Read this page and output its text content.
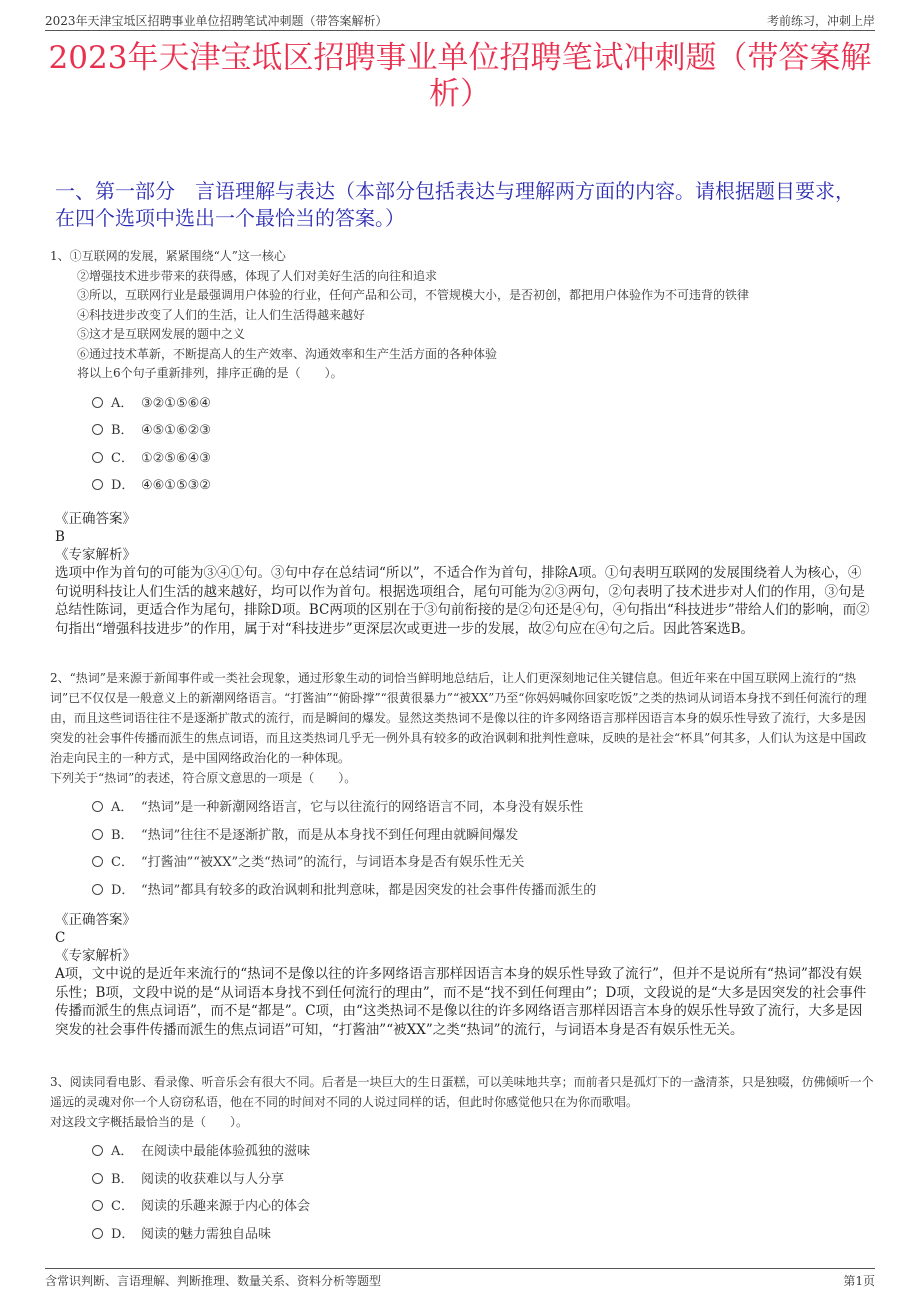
2023年天津宝坻区招聘事业单位招聘笔试冲刺题（带答案解析）	考前练习，冲刺上岸
2023年天津宝坻区招聘事业单位招聘笔试冲刺题（带答案解析）
一、第一部分　言语理解与表达（本部分包括表达与理解两方面的内容。请根据题目要求，在四个选项中选出一个最恰当的答案。）
1、①互联网的发展，紧紧围绕“人”这一核心
②增强技术进步带来的获得感，体现了人们对美好生活的向往和追求
③所以，互联网行业是最强调用户体验的行业，任何产品和公司，不管规模大小，是否初创，都把用户体验作为不可违背的铁律
④科技进步改变了人们的生活，让人们生活得越来越好
⑤这才是互联网发展的题中之义
⑥通过技术革新，不断提高人的生产效率、沟通效率和生产生活方面的各种体验
将以上6个句子重新排列，排序正确的是（　　）。
A． ③②①⑤⑥④
B． ④⑤①⑥②③
C． ①②⑤⑥④③
D． ④⑥①⑤③②
《正确答案》
B
《专家解析》
选项中作为首句的可能为③④①句。③句中存在总结词“所以”，不适合作为首句，排除A项。①句表明互联网的发展围绕着人为核心，④句说明科技让人们生活的越来越好，均可以作为首句。根据选项组合，尾句可能为②③两句，②句表明了技术进步对人们的作用，③句是总结性陈词，更适合作为尾句，排除D项。BC两项的区别在于③句前衔接的是②句还是④句，④句指出“科技进步”带给人们的影响，而②句指出“增强科技进步”的作用，属于对“科技进步”更深层次或更进一步的发展，故②句应在④句之后。因此答案选B。
2、“热词”是来源于新闻事件或一类社会现象，通过形象生动的词恰当鲜明地总结后，让人们更深刻地记住关键信息。但近年来在中国互联网上流行的“热词”已不仅仅是一般意义上的新潮网络语言。“打酱油”“俯卧撑”“很黄很暴力”“被XX”乃至“你妈妈喊你回家吃饭”之类的热词从词语本身找不到任何流行的理由，而且这些词语往往不是逐渐扩散式的流行，而是瞬间的爆发。显然这类热词不是像以往的许多网络语言那样因语言本身的娱乐性导致了流行，大多是因突发的社会事件传播而派生的焦点词语，而且这类热词几乎无一例外具有较多的政治讽刺和批判性意味，反映的是社会“杯具”何其多，人们认为这是中国政治走向民主的一种方式，是中国网络政治化的一种体现。
下列关于“热词”的表述，符合原文意思的一项是（　　）。
A． “热词”是一种新潮网络语言，它与以往流行的网络语言不同，本身没有娱乐性
B． “热词”往往不是逐渐扩散，而是从本身找不到任何理由就瞬间爆发
C． “打酱油”“被XX”之类“热词”的流行，与词语本身是否有娱乐性无关
D． “热词”都具有较多的政治讽刺和批判意味，都是因突发的社会事件传播而派生的
《正确答案》
C
《专家解析》
A项，文中说的是近年来流行的“热词不是像以往的许多网络语言那样因语言本身的娱乐性导致了流行”，但并不是说所有“热词”都没有娱乐性；B项，文段中说的是“从词语本身找不到任何流行的理由”，而不是“找不到任何理由”；D项，文段说的是“大多是因突发的社会事件传播而派生的焦点词语”，而不是“都是”。C项，由“这类热词不是像以往的许多网络语言那样因语言本身的娱乐性导致了流行，大多是因突发的社会事件传播而派生的焦点词语”可知，“打酱油”“被XX”之类“热词”的流行，与词语本身是否有娱乐性无关。
3、阅读同看电影、看录像、听音乐会有很大不同。后者是一块巨大的生日蛋糕，可以美味地共享；而前者只是孤灯下的一盏清茶，只是独啜，仿佛倾听一个遥远的灵魂对你一个人窃窃私语，他在不同的时间对不同的人说过同样的话，但此时你感觉他只在为你而歌唱。
对这段文字概括最恰当的是（　　）。
A． 在阅读中最能体验孤独的滋味
B． 阅读的收获难以与人分享
C． 阅读的乐趣来源于内心的体会
D． 阅读的魅力需独自品味
含常识判断、言语理解、判断推理、数量关系、资料分析等题型	第1页
